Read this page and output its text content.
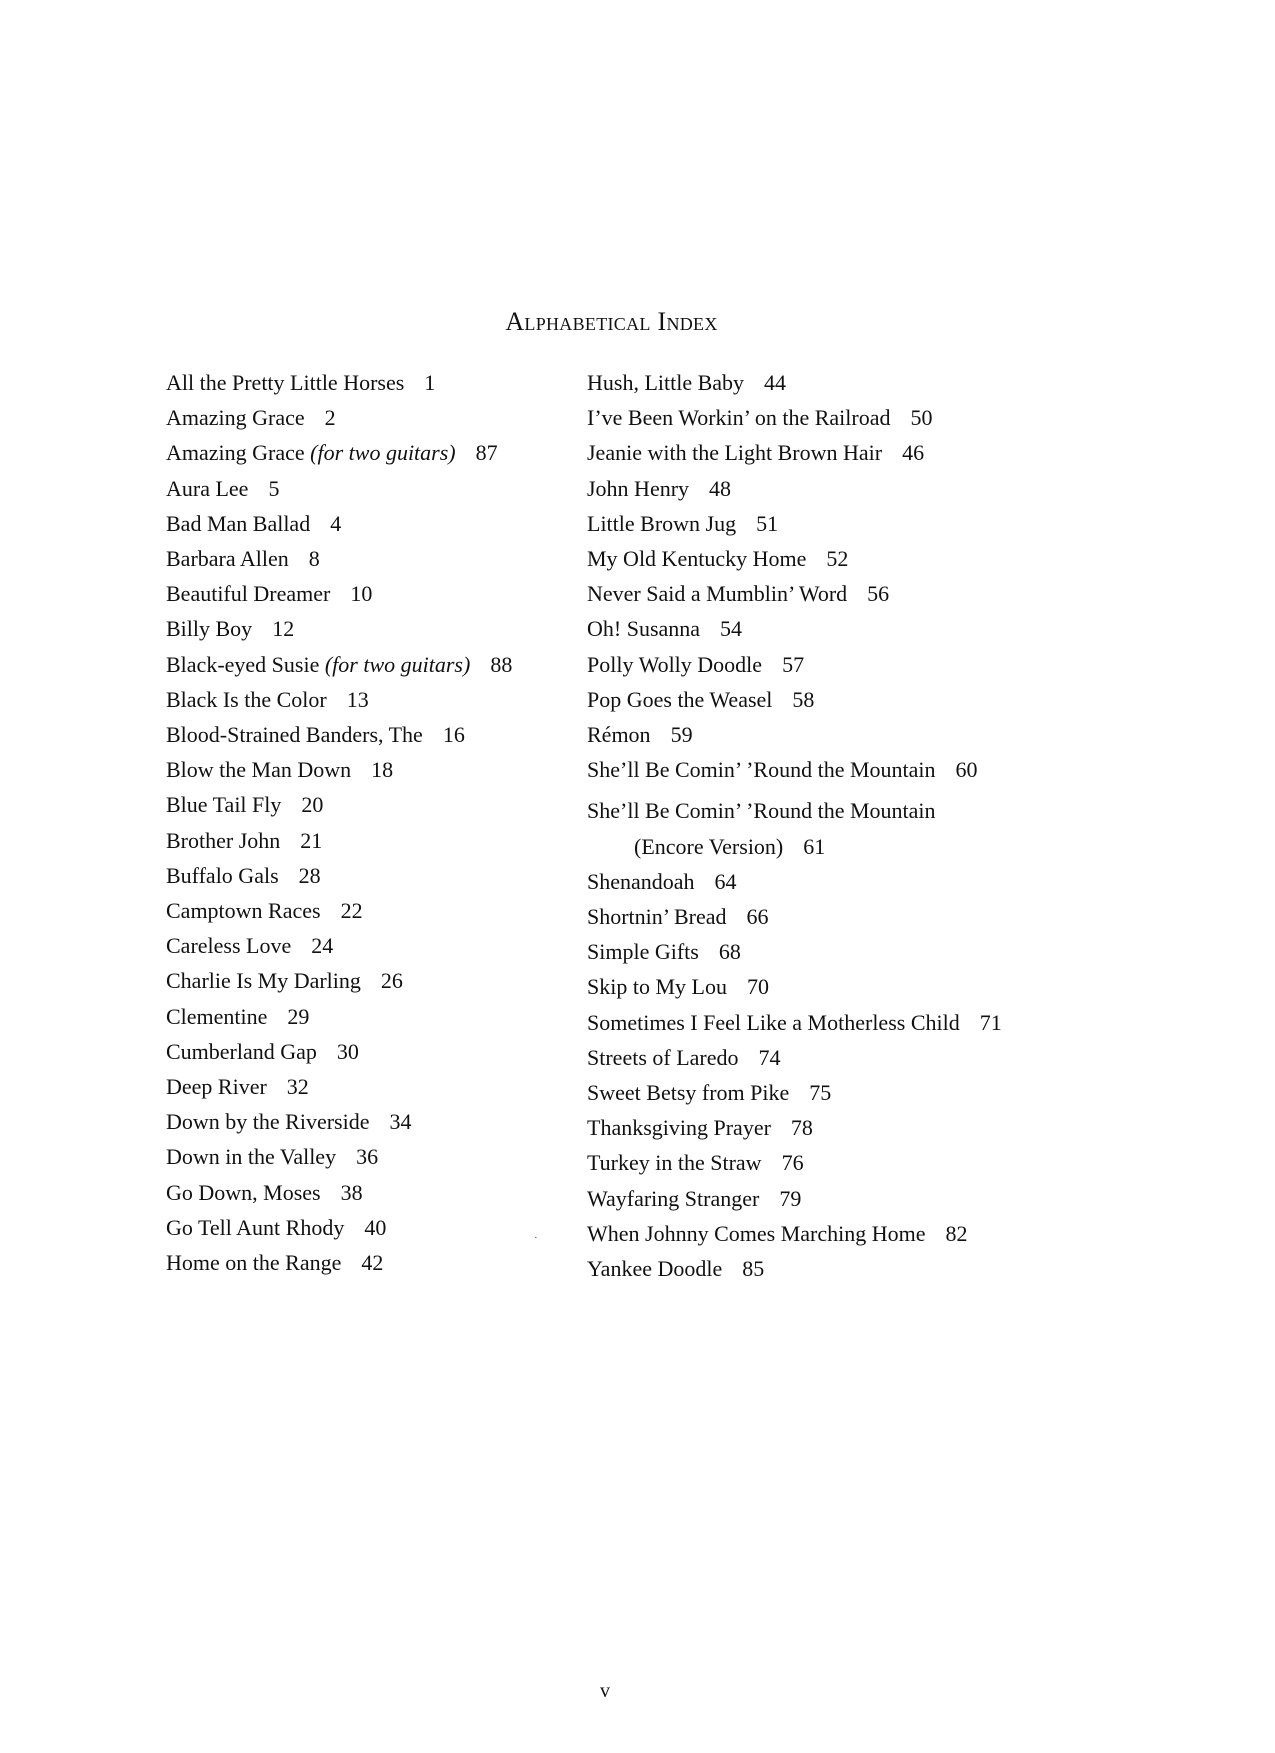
Alphabetical Index
All the Pretty Little Horses 1
Amazing Grace 2
Amazing Grace (for two guitars) 87
Aura Lee 5
Bad Man Ballad 4
Barbara Allen 8
Beautiful Dreamer 10
Billy Boy 12
Black-eyed Susie (for two guitars) 88
Black Is the Color 13
Blood-Strained Banders, The 16
Blow the Man Down 18
Blue Tail Fly 20
Brother John 21
Buffalo Gals 28
Camptown Races 22
Careless Love 24
Charlie Is My Darling 26
Clementine 29
Cumberland Gap 30
Deep River 32
Down by the Riverside 34
Down in the Valley 36
Go Down, Moses 38
Go Tell Aunt Rhody 40
Home on the Range 42
Hush, Little Baby 44
I’ve Been Workin’ on the Railroad 50
Jeanie with the Light Brown Hair 46
John Henry 48
Little Brown Jug 51
My Old Kentucky Home 52
Never Said a Mumblin’ Word 56
Oh! Susanna 54
Polly Wolly Doodle 57
Pop Goes the Weasel 58
Rémon 59
She’ll Be Comin’ ’Round the Mountain 60
She’ll Be Comin’ ’Round the Mountain
(Encore Version) 61
Shenandoah 64
Shortnin’ Bread 66
Simple Gifts 68
Skip to My Lou 70
Sometimes I Feel Like a Motherless Child 71
Streets of Laredo 74
Sweet Betsy from Pike 75
Thanksgiving Prayer 78
Turkey in the Straw 76
Wayfaring Stranger 79
When Johnny Comes Marching Home 82
Yankee Doodle 85
·
v
